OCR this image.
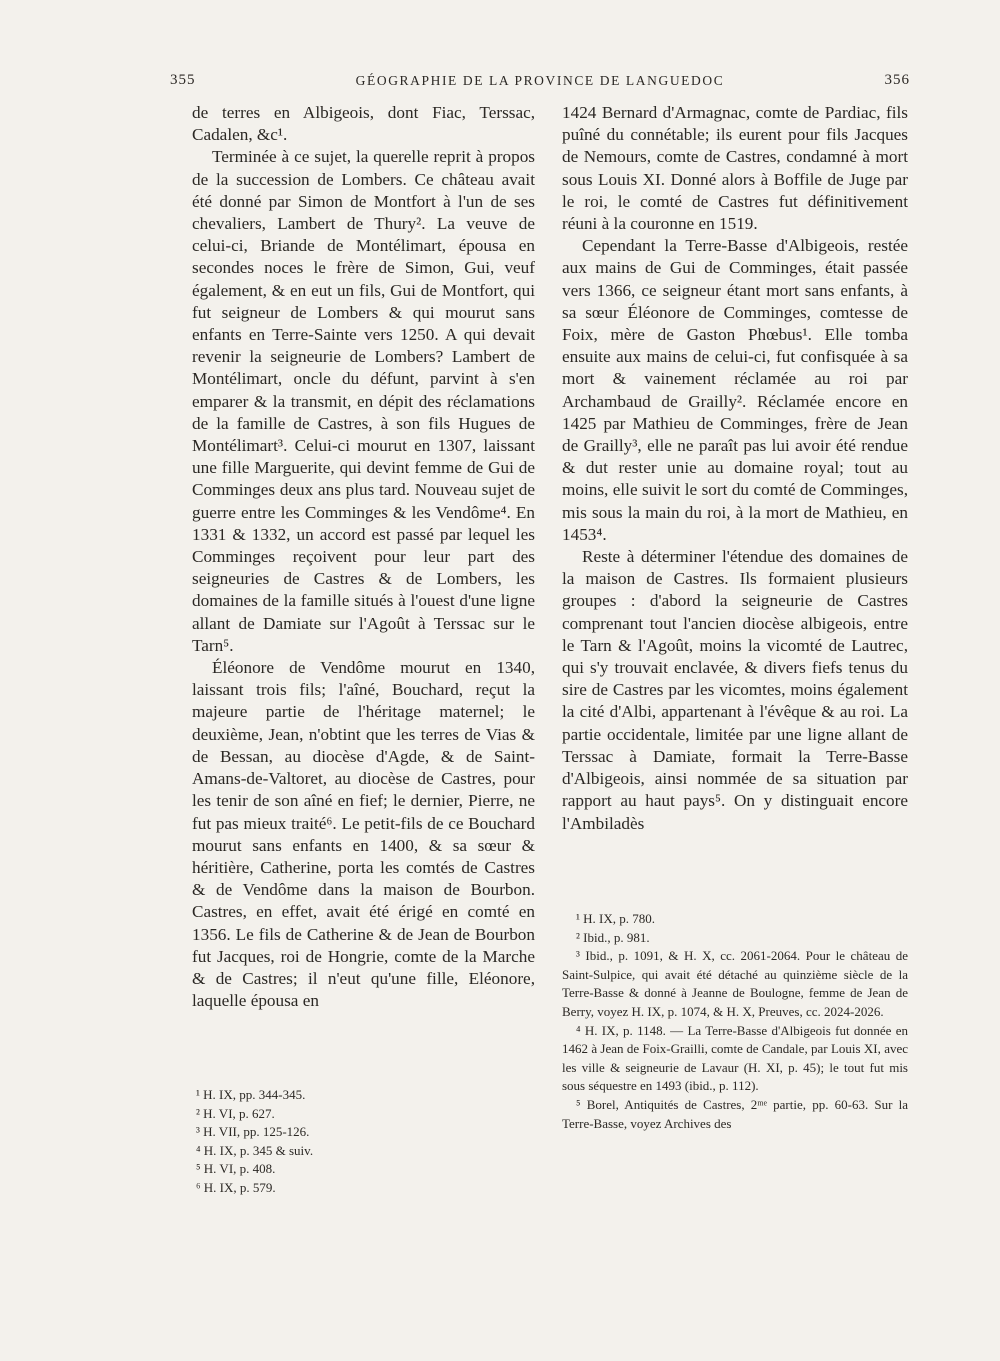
355	GÉOGRAPHIE DE LA PROVINCE DE LANGUEDOC	356

de terres en Albigeois, dont Fiac, Terssac, Cadalen, &c¹.

Terminée à ce sujet, la querelle reprit à propos de la succession de Lombers. Ce château avait été donné par Simon de Montfort à l'un de ses chevaliers, Lambert de Thury². La veuve de celui-ci, Briande de Montélimart, épousa en secondes noces le frère de Simon, Gui, veuf également, & en eut un fils, Gui de Montfort, qui fut seigneur de Lombers & qui mourut sans enfants en Terre-Sainte vers 1250. A qui devait revenir la seigneurie de Lombers? Lambert de Montélimart, oncle du défunt, parvint à s'en emparer & la transmit, en dépit des réclamations de la famille de Castres, à son fils Hugues de Montélimart³. Celui-ci mourut en 1307, laissant une fille Marguerite, qui devint femme de Gui de Comminges deux ans plus tard. Nouveau sujet de guerre entre les Comminges & les Vendôme⁴. En 1331 & 1332, un accord est passé par lequel les Comminges reçoivent pour leur part des seigneuries de Castres & de Lombers, les domaines de la famille situés à l'ouest d'une ligne allant de Damiate sur l'Agoût à Terssac sur le Tarn⁵.

Éléonore de Vendôme mourut en 1340, laissant trois fils; l'aîné, Bouchard, reçut la majeure partie de l'héritage maternel; le deuxième, Jean, n'obtint que les terres de Vias & de Bessan, au diocèse d'Agde, & de Saint-Amans-de-Valtoret, au diocèse de Castres, pour les tenir de son aîné en fief; le dernier, Pierre, ne fut pas mieux traité⁶. Le petit-fils de ce Bouchard mourut sans enfants en 1400, & sa sœur & héritière, Catherine, porta les comtés de Castres & de Vendôme dans la maison de Bourbon. Castres, en effet, avait été érigé en comté en 1356. Le fils de Catherine & de Jean de Bourbon fut Jacques, roi de Hongrie, comte de la Marche & de Castres; il n'eut qu'une fille, Eléonore, laquelle épousa en

1424 Bernard d'Armagnac, comte de Pardiac, fils puîné du connétable; ils eurent pour fils Jacques de Nemours, comte de Castres, condamné à mort sous Louis XI. Donné alors à Boffile de Juge par le roi, le comté de Castres fut définitivement réuni à la couronne en 1519.

Cependant la Terre-Basse d'Albigeois, restée aux mains de Gui de Comminges, était passée vers 1366, ce seigneur étant mort sans enfants, à sa sœur Éléonore de Comminges, comtesse de Foix, mère de Gaston Phœbus¹. Elle tomba ensuite aux mains de celui-ci, fut confisquée à sa mort & vainement réclamée au roi par Archambaud de Grailly². Réclamée encore en 1425 par Mathieu de Comminges, frère de Jean de Grailly³, elle ne paraît pas lui avoir été rendue & dut rester unie au domaine royal; tout au moins, elle suivit le sort du comté de Comminges, mis sous la main du roi, à la mort de Mathieu, en 1453⁴.

Reste à déterminer l'étendue des domaines de la maison de Castres. Ils formaient plusieurs groupes : d'abord la seigneurie de Castres comprenant tout l'ancien diocèse albigeois, entre le Tarn & l'Agoût, moins la vicomté de Lautrec, qui s'y trouvait enclavée, & divers fiefs tenus du sire de Castres par les vicomtes, moins également la cité d'Albi, appartenant à l'évêque & au roi. La partie occidentale, limitée par une ligne allant de Terssac à Damiate, formait la Terre-Basse d'Albigeois, ainsi nommée de sa situation par rapport au haut pays⁵. On y distinguait encore l'Ambiladès

¹ H. IX, pp. 344-345.

² H. VI, p. 627.

³ H. VII, pp. 125-126.

⁴ H. IX, p. 345 & suiv.

⁵ H. VI, p. 408.

⁶ H. IX, p. 579.

¹ H. IX, p. 780.

² Ibid., p. 981.

³ Ibid., p. 1091, & H. X, cc. 2061-2064. Pour le château de Saint-Sulpice, qui avait été détaché au quinzième siècle de la Terre-Basse & donné à Jeanne de Boulogne, femme de Jean de Berry, voyez H. IX, p. 1074, & H. X, Preuves, cc. 2024-2026.

⁴ H. IX, p. 1148. — La Terre-Basse d'Albigeois fut donnée en 1462 à Jean de Foix-Grailli, comte de Candale, par Louis XI, avec les ville & seigneurie de Lavaur (H. XI, p. 45); le tout fut mis sous séquestre en 1493 (ibid., p. 112).

⁵ Borel, Antiquités de Castres, 2ᵐᵉ partie, pp. 60-63. Sur la Terre-Basse, voyez Archives des
